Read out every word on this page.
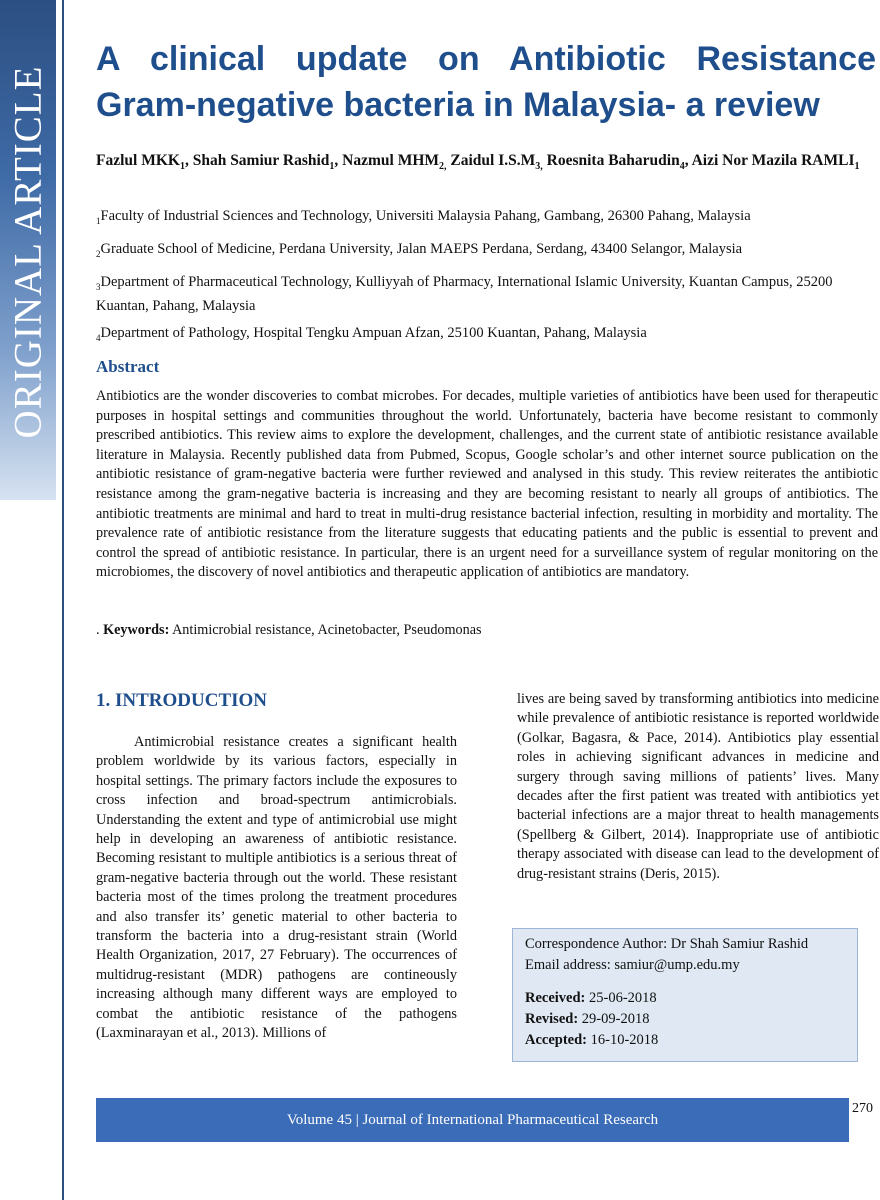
ORIGINAL ARTICLE
A clinical update on Antibiotic Resistance
Gram-negative bacteria in Malaysia- a review
Fazlul $MKK_1$, Shah Samiur Rashid$_1$, Nazmul $MHM_{2,}$ Zaidul $I.S.M_{3,}$ Roesnita Baharudin$_4$, Aizi Nor Mazila $RAMLI_1$
$_1$Faculty of Industrial Sciences and Technology, Universiti Malaysia Pahang, Gambang, 26300 Pahang, Malaysia
$_2$Graduate School of Medicine, Perdana University, Jalan MAEPS Perdana, Serdang, 43400 Selangor, Malaysia
$_3$Department of Pharmaceutical Technology, Kulliyyah of Pharmacy, International Islamic University, Kuantan Campus, 25200 Kuantan, Pahang, Malaysia
$_4$Department of Pathology, Hospital Tengku Ampuan Afzan, 25100 Kuantan, Pahang, Malaysia
Abstract

Antibiotics are the wonder discoveries to combat microbes. For decades, multiple varieties of antibiotics have been used for therapeutic purposes in hospital settings and communities throughout the world. Unfortunately, bacteria have become resistant to commonly prescribed antibiotics. This review aims to explore the development, challenges, and the current state of antibiotic resistance available literature in Malaysia. Recently published data from Pubmed, Scopus, Google scholar’s and other internet source publication on the antibiotic resistance of gram-negative bacteria were further reviewed and analysed in this study. This review reiterates the antibiotic resistance among the gram-negative bacteria is increasing and they are becoming resistant to nearly all groups of antibiotics. The antibiotic treatments are minimal and hard to treat in multi-drug resistance bacterial infection, resulting in morbidity and mortality. The prevalence rate of antibiotic resistance from the literature suggests that educating patients and the public is essential to prevent and control the spread of antibiotic resistance. In particular, there is an urgent need for a surveillance system of regular monitoring on the microbiomes, the discovery of novel antibiotics and therapeutic application of antibiotics are mandatory.

. Keywords: Antimicrobial resistance, Acinetobacter, Pseudomonas
1. INTRODUCTION

Antimicrobial resistance creates a significant health problem worldwide by its various factors, especially in hospital settings. The primary factors include the exposures to cross infection and broad-spectrum antimicrobials. Understanding the extent and type of antimicrobial use might help in developing an awareness of antibiotic resistance. Becoming resistant to multiple antibiotics is a serious threat of gram-negative bacteria through out the world. These resistant bacteria most of the times prolong the treatment procedures and also transfer its’ genetic material to other bacteria to transform the bacteria into a drug-resistant strain (World Health Organization, 2017, 27 February). The occurrences of multidrug-resistant (MDR) pathogens are contineously increasing although many different ways are employed to combat the antibiotic resistance of the pathogens (Laxminarayan et al., 2013). Millions of

lives are being saved by transforming antibiotics into medicine while prevalence of antibiotic resistance is reported worldwide (Golkar, Bagasra, & Pace, 2014). Antibiotics play essential roles in achieving significant advances in medicine and surgery through saving millions of patients’ lives. Many decades after the first patient was treated with antibiotics yet bacterial infections are a major threat to health managements (Spellberg & Gilbert, 2014). Inappropriate use of antibiotic therapy associated with disease can lead to the development of drug-resistant strains (Deris, 2015).

Correspondence Author: Dr Shah Samiur Rashid
Email address: samiur@ump.edu.my
Received: 25-06-2018
Revised: 29-09-2018
Accepted: 16-10-2018
Volume 45 | Journal of International Pharmaceutical Research
270
